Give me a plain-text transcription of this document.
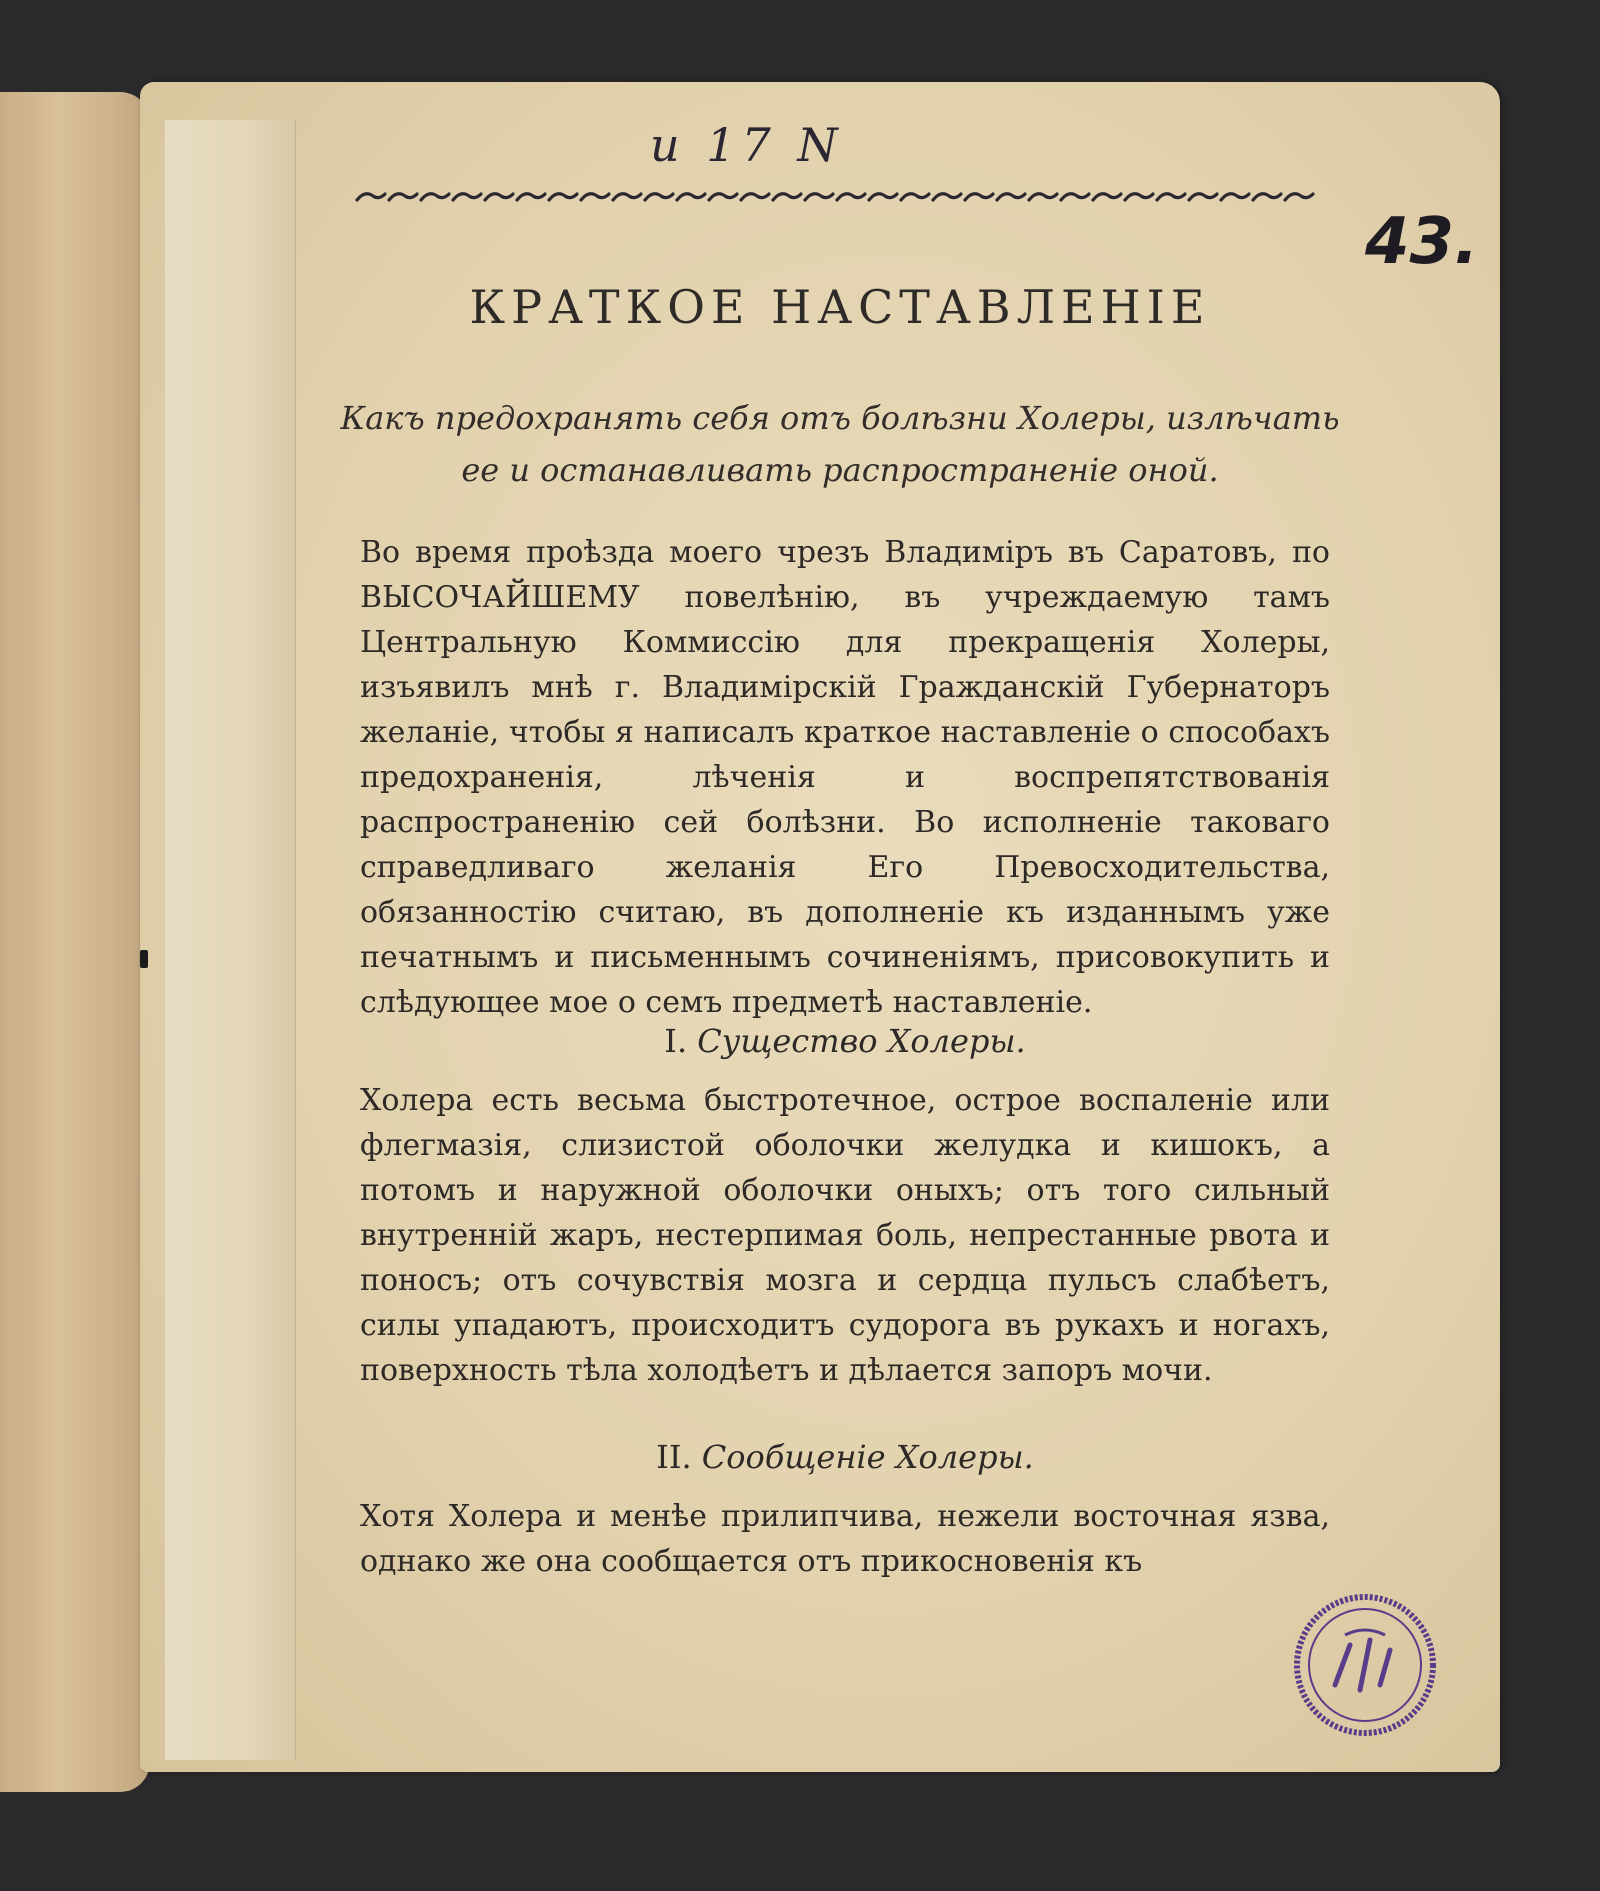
и 17 N
43.
КРАТКОЕ НАСТАВЛЕНIЕ
Какъ предохранять себя отъ болѣзни Холеры, излѣчать ее и останавливать распространенiе оной.
Во время проѣзда моего чрезъ Владимiръ въ Саратовъ, по ВЫСОЧАЙШЕМУ повелѣнiю, въ учреждаемую тамъ Центральную Коммиссiю для прекращенiя Холеры, изъявилъ мнѣ г. Владимiрскiй Гражданскiй Губернаторъ желанiе, чтобы я написалъ краткое наставленiе о способахъ предохраненiя, лѣченiя и воспрепятствованiя распространенiю сей болѣзни. Во исполненiе таковаго справедливаго желанiя Его Превосходительства, обязанностiю считаю, въ дополненiе къ изданнымъ уже печатнымъ и письменнымъ сочиненiямъ, присовокупить и слѣдующее мое о семъ предметѣ наставленiе.
I. Существо Холеры.
Холера есть весьма быстротечное, острое воспаленiе или флегмазiя, слизистой оболочки желудка и кишокъ, а потомъ и наружной оболочки оныхъ; отъ того сильный внутреннiй жаръ, нестерпимая боль, непрестанные рвота и поносъ; отъ сочувствiя мозга и сердца пульсъ слабѣетъ, силы упадаютъ, происходитъ судорога въ рукахъ и ногахъ, поверхность тѣла холодѣетъ и дѣлается запоръ мочи.
II. Сообщенiе Холеры.
Хотя Холера и менѣе прилипчива, нежели восточная язва, однако же она сообщается отъ прикосновенiя къ
